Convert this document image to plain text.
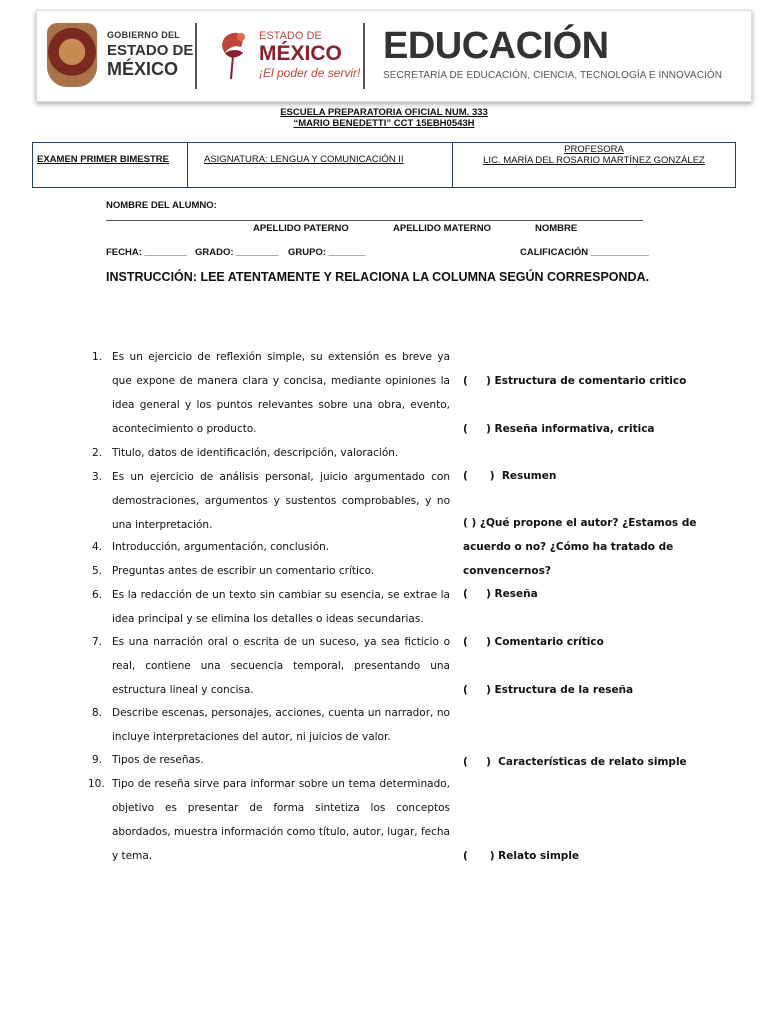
GOBIERNO DEL
ESTADO DE
MÉXICO
ESTADO DE
MÉXICO
¡El poder de servir!
EDUCACIÓN
SECRETARÍA DE EDUCACIÓN, CIENCIA, TECNOLOGÍA E INNOVACIÓN
ESCUELA PREPARATORIA OFICIAL NUM. 333
“MARIO BENEDETTI” CCT 15EBH0543H
EXAMEN PRIMER BIMESTRE	ASIGNATURA: LENGUA Y COMUNICACIÓN II	
PROFESORA
LIC. MARÍA DEL ROSARIO MARTÍNEZ GONZÁLEZ
NOMBRE DEL ALUMNO:
APELLIDO PATERNO	APELLIDO MATERNO	NOMBRE
FECHA: ________ GRADO: ________ GRUPO: _______	CALIFICACIÓN ___________
INSTRUCCIÓN: LEE ATENTAMENTE Y RELACIONA LA COLUMNA SEGÚN CORRESPONDA.
1. Es un ejercicio de reflexión simple, su extensión es breve ya que expone de manera clara y concisa, mediante opiniones la idea general y los puntos relevantes sobre una obra, evento, acontecimiento o producto.
2. Titulo, datos de identificación, descripción, valoración.
3. Es un ejercicio de análisis personal, juicio argumentado con demostraciones, argumentos y sustentos comprobables, y no una interpretación.
4. Introducción, argumentación, conclusión.
5. Preguntas antes de escribir un comentario crítico.
6. Es la redacción de un texto sin cambiar su esencia, se extrae la idea principal y se elimina los detalles o ideas secundarias.
7. Es una narración oral o escrita de un suceso, ya sea ficticio o real, contiene una secuencia temporal, presentando una estructura lineal y concisa.
8. Describe escenas, personajes, acciones, cuenta un narrador, no incluye interpretaciones del autor, ni juicios de valor.
9. Tipos de reseñas.
10. Tipo de reseña sirve para informar sobre un tema determinado, objetivo es presentar de forma sintetiza los conceptos abordados, muestra información como título, autor, lugar, fecha y tema.
(     ) Estructura de comentario critico
(     ) Reseña informativa, critica
(      )  Resumen
( ) ¿Qué propone el autor? ¿Estamos de acuerdo o no? ¿Cómo ha tratado de convencernos?
(     ) Reseña
(     ) Comentario crítico
(     ) Estructura de la reseña
(     )  Características de relato simple
(      ) Relato simple
